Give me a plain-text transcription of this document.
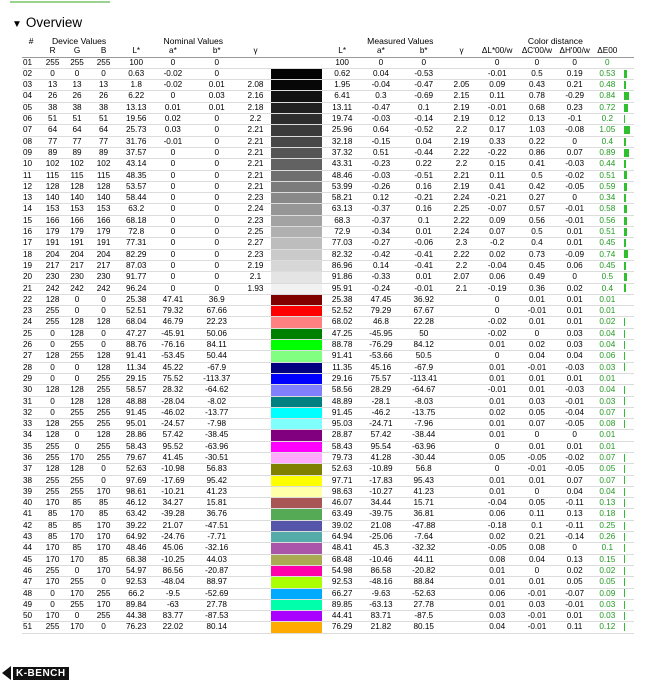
▼ Overview
#	Device Values			Nominal Values					Measured Values				Color distance				
	R	G	B	L*	a*	b*	γ		L*	a*	b*	γ	ΔL*00/w	ΔC'00/w	ΔH'00/w	ΔE00	
01	255	255	255	100	0	0			100	0	0		0	0	0	0	
02	0	0	0	0.63	-0.02	0			0.62	0.04	-0.53		-0.01	0.5	0.19	0.53	
03	13	13	13	1.8	-0.02	0.01	2.08		1.95	-0.04	-0.47	2.05	0.09	0.43	0.21	0.48	
04	26	26	26	6.22	0	0.03	2.16		6.41	0.3	-0.69	2.15	0.11	0.78	-0.29	0.84	
05	38	38	38	13.13	0.01	0.01	2.18		13.11	-0.47	0.1	2.19	-0.01	0.68	0.23	0.72	
06	51	51	51	19.56	0.02	0	2.2		19.74	-0.03	-0.14	2.19	0.12	0.13	-0.1	0.2	
07	64	64	64	25.73	0.03	0	2.21		25.96	0.64	-0.52	2.2	0.17	1.03	-0.08	1.05	
08	77	77	77	31.76	-0.01	0	2.21		32.18	-0.15	0.04	2.19	0.33	0.22	0	0.4	
09	89	89	89	37.57	0	0	2.21		37.32	0.51	-0.44	2.22	-0.22	0.86	0.07	0.89	
10	102	102	102	43.14	0	0	2.21		43.31	-0.23	0.22	2.2	0.15	0.41	-0.03	0.44	
11	115	115	115	48.35	0	0	2.21		48.46	-0.03	-0.51	2.21	0.11	0.5	-0.02	0.51	
12	128	128	128	53.57	0	0	2.21		53.99	-0.26	0.16	2.19	0.41	0.42	-0.05	0.59	
13	140	140	140	58.44	0	0	2.23		58.21	0.12	-0.21	2.24	-0.21	0.27	0	0.34	
14	153	153	153	63.2	0	0	2.24		63.13	-0.37	0.16	2.25	-0.07	0.57	-0.01	0.58	
15	166	166	166	68.18	0	0	2.23		68.3	-0.37	0.1	2.22	0.09	0.56	-0.01	0.56	
16	179	179	179	72.8	0	0	2.25		72.9	-0.34	0.01	2.24	0.07	0.5	0.01	0.51	
17	191	191	191	77.31	0	0	2.27		77.03	-0.27	-0.06	2.3	-0.2	0.4	0.01	0.45	
18	204	204	204	82.29	0	0	2.23		82.32	-0.42	-0.41	2.22	0.02	0.73	-0.09	0.74	
19	217	217	217	87.03	0	0	2.19		86.96	0.14	-0.41	2.2	-0.04	0.45	0.06	0.45	
20	230	230	230	91.77	0	0	2.1		91.86	-0.33	0.01	2.07	0.06	0.49	0	0.5	
21	242	242	242	96.24	0	0	1.93		95.91	-0.24	-0.01	2.1	-0.19	0.36	0.02	0.4	
22	128	0	0	25.38	47.41	36.9			25.38	47.45	36.92		0	0.01	0.01	0.01	
23	255	0	0	52.51	79.32	67.66			52.52	79.29	67.67		0	-0.01	0.01	0.01	
24	255	128	128	68.04	46.79	22.23			68.02	46.8	22.28		-0.02	0.01	0.01	0.02	
25	0	128	0	47.27	-45.91	50.06			47.25	-45.95	50		-0.02	0	0.03	0.04	
26	0	255	0	88.76	-76.16	84.11			88.78	-76.29	84.12		0.01	0.02	0.03	0.04	
27	128	255	128	91.41	-53.45	50.44			91.41	-53.66	50.5		0	0.04	0.04	0.06	
28	0	0	128	11.34	45.22	-67.9			11.35	45.16	-67.9		0.01	-0.01	-0.03	0.03	
29	0	0	255	29.15	75.52	-113.37			29.16	75.57	-113.41		0.01	0.01	0.01	0.01	
30	128	128	255	58.57	28.32	-64.62			58.56	28.29	-64.67		-0.01	0.01	-0.03	0.04	
31	0	128	128	48.88	-28.04	-8.02			48.89	-28.1	-8.03		0.01	0.03	-0.01	0.03	
32	0	255	255	91.45	-46.02	-13.77			91.45	-46.2	-13.75		0.02	0.05	-0.04	0.07	
33	128	255	255	95.01	-24.57	-7.98			95.03	-24.71	-7.96		0.01	0.07	-0.05	0.08	
34	128	0	128	28.86	57.42	-38.45			28.87	57.42	-38.44		0.01	0	0	0.01	
35	255	0	255	58.43	95.52	-63.96			58.43	95.54	-63.96		0	0.01	0.01	0.01	
36	255	170	255	79.67	41.45	-30.51			79.73	41.28	-30.44		0.05	-0.05	-0.02	0.07	
37	128	128	0	52.63	-10.98	56.83			52.63	-10.89	56.8		0	-0.01	-0.05	0.05	
38	255	255	0	97.69	-17.69	95.42			97.71	-17.83	95.43		0.01	0.01	0.07	0.07	
39	255	255	170	98.61	-10.21	41.23			98.63	-10.27	41.23		0.01	0	0.04	0.04	
40	170	85	85	46.12	34.27	15.81			46.07	34.44	15.71		-0.04	0.05	-0.11	0.13	
41	85	170	85	63.42	-39.28	36.76			63.49	-39.75	36.81		0.06	0.11	0.13	0.18	
42	85	85	170	39.22	21.07	-47.51			39.02	21.08	-47.88		-0.18	0.1	-0.11	0.25	
43	85	170	170	64.92	-24.76	-7.71			64.94	-25.06	-7.64		0.02	0.21	-0.14	0.26	
44	170	85	170	48.46	45.06	-32.16			48.41	45.3	-32.32		-0.05	0.08	0	0.1	
45	170	170	85	68.38	-10.25	44.03			68.48	-10.46	44.11		0.08	0.04	0.13	0.15	
46	255	0	170	54.97	86.56	-20.87			54.98	86.58	-20.82		0.01	0	0.02	0.02	
47	170	255	0	92.53	-48.04	88.97			92.53	-48.16	88.84		0.01	0.01	0.05	0.05	
48	0	170	255	66.2	-9.5	-52.69			66.27	-9.63	-52.63		0.06	-0.01	-0.07	0.09	
49	0	255	170	89.84	-63	27.78			89.85	-63.13	27.78		0.01	0.03	-0.01	0.03	
50	170	0	255	44.38	83.77	-87.53			44.41	83.71	-87.5		0.03	-0.01	0.01	0.03	
51	255	170	0	76.23	22.02	80.14			76.29	21.82	80.15		0.04	-0.01	0.11	0.12	
K-BENCH
